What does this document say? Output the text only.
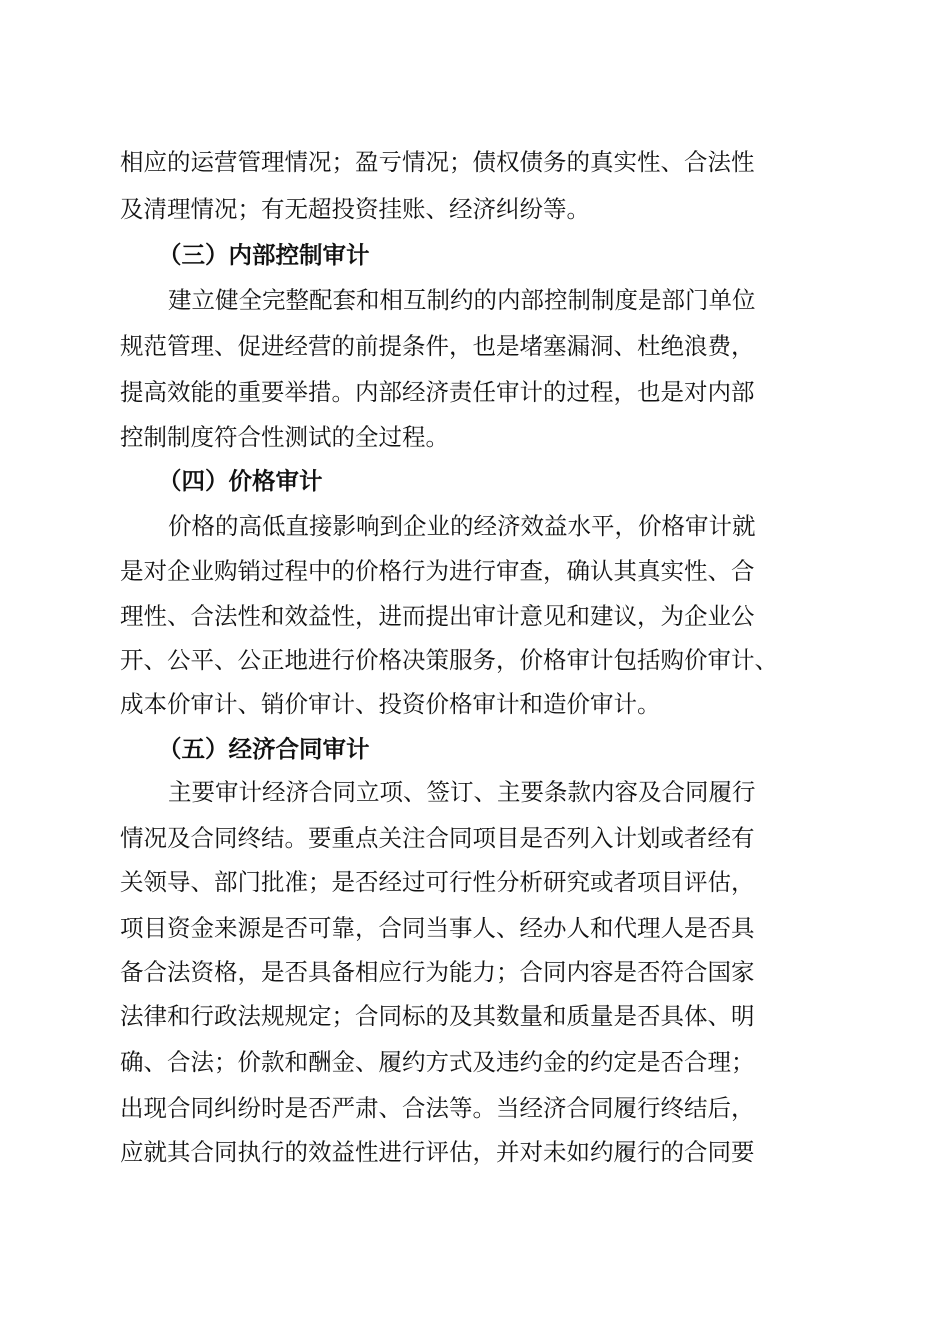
相应的运营管理情况；盈亏情况；债权债务的真实性、合法性
及清理情况；有无超投资挂账、经济纠纷等。
（三）内部控制审计
建立健全完整配套和相互制约的内部控制制度是部门单位
规范管理、促进经营的前提条件，也是堵塞漏洞、杜绝浪费，
提高效能的重要举措。内部经济责任审计的过程，也是对内部
控制制度符合性测试的全过程。
（四）价格审计
价格的高低直接影响到企业的经济效益水平，价格审计就
是对企业购销过程中的价格行为进行审查，确认其真实性、合
理性、合法性和效益性，进而提出审计意见和建议，为企业公
开、公平、公正地进行价格决策服务，价格审计包括购价审计、
成本价审计、销价审计、投资价格审计和造价审计。
（五）经济合同审计
主要审计经济合同立项、签订、主要条款内容及合同履行
情况及合同终结。要重点关注合同项目是否列入计划或者经有
关领导、部门批准；是否经过可行性分析研究或者项目评估，
项目资金来源是否可靠，合同当事人、经办人和代理人是否具
备合法资格，是否具备相应行为能力；合同内容是否符合国家
法律和行政法规规定；合同标的及其数量和质量是否具体、明
确、合法；价款和酬金、履约方式及违约金的约定是否合理；
出现合同纠纷时是否严肃、合法等。当经济合同履行终结后，
应就其合同执行的效益性进行评估，并对未如约履行的合同要
